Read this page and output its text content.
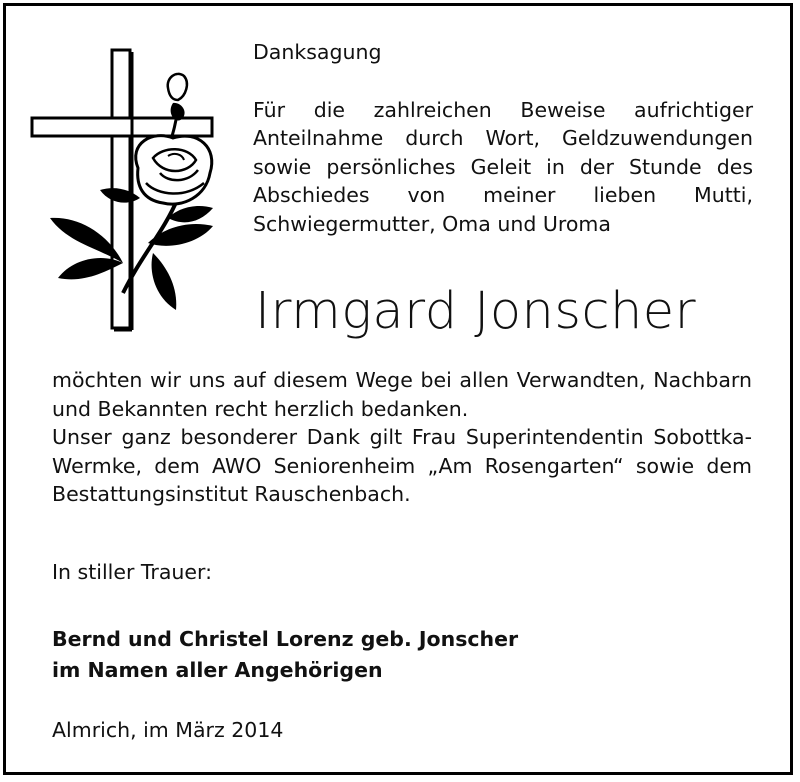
Danksagung
Für die zahlreichen Beweise aufrichtiger Anteilnahme durch Wort, Geldzuwendungen sowie persönliches Geleit in der Stunde des Abschiedes von meiner lieben Mutti, Schwiegermutter, Oma und Uroma
Irmgard Jonscher
möchten wir uns auf diesem Wege bei allen Verwandten, Nachbarn und Bekannten recht herzlich bedanken.
Unser ganz besonderer Dank gilt Frau Superintendentin Sobottka-Wermke, dem AWO Seniorenheim „Am Rosengarten“ sowie dem Bestattungsinstitut Rauschenbach.
In stiller Trauer:
Bernd und Christel Lorenz geb. Jonscher
im Namen aller Angehörigen
Almrich, im März 2014
